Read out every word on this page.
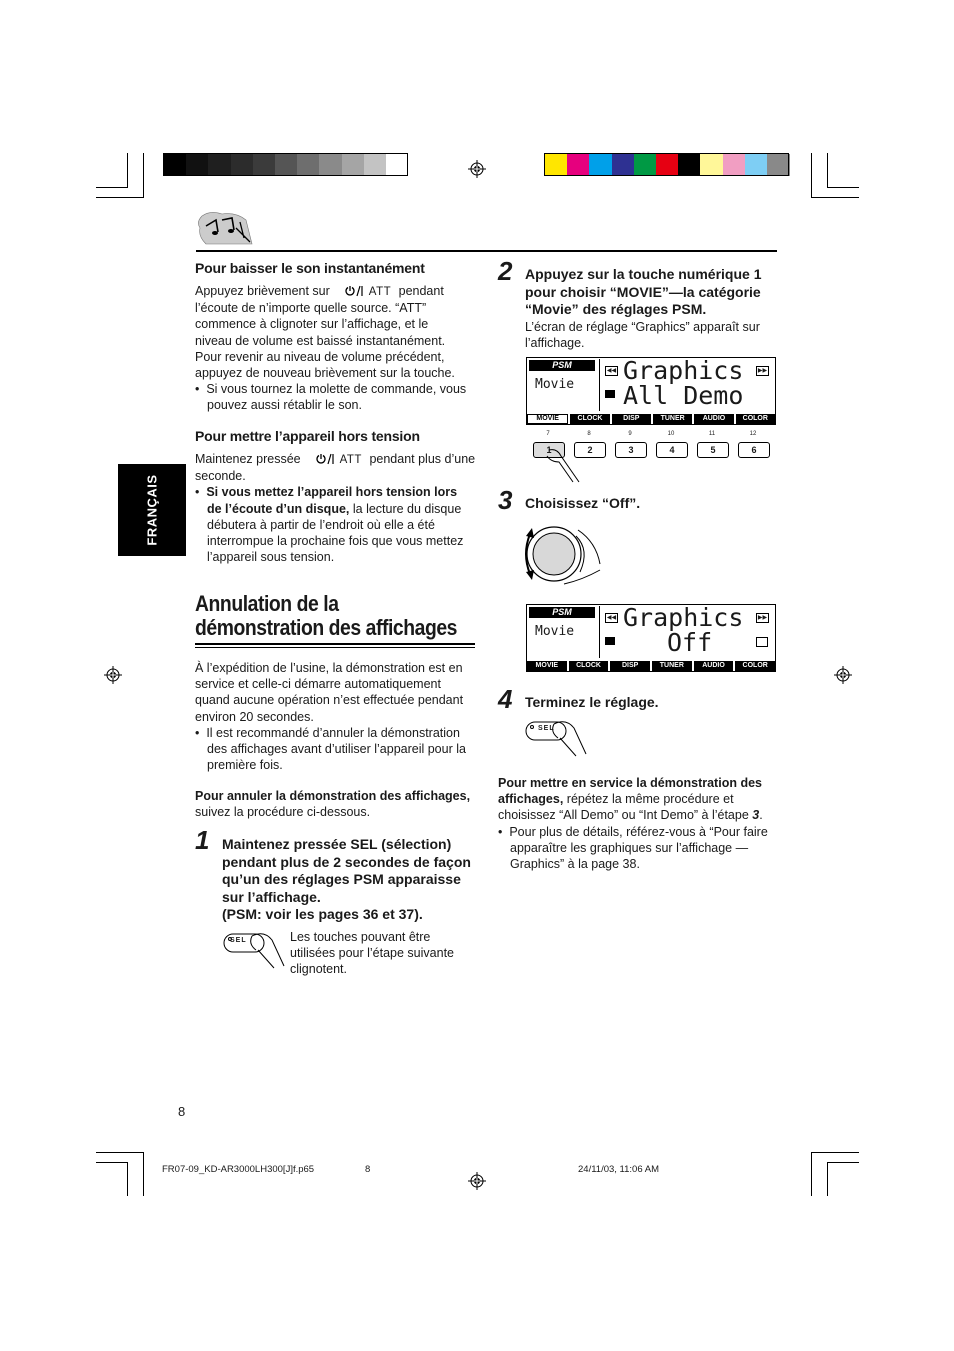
FRANÇAIS
Pour baisser le son instantanément
Appuyez brièvement sur	ATT pendant
l’écoute de n’importe quelle source. “ATT”
commence à clignoter sur l’affichage, et le
niveau de volume est baissé instantanément.
Pour revenir au niveau de volume précédent,
appuyez de nouveau brièvement sur la touche.
•  Si vous tournez la molette de commande, vous pouvez aussi rétablir le son.
Pour mettre l’appareil hors tension
Maintenez pressée	ATT pendant plus d’une
seconde.
•  Si vous mettez l’appareil hors tension lors de l’écoute d’un disque, la lecture du disque débutera à partir de l’endroit où elle a été interrompue la prochaine fois que vous mettez l’appareil sous tension.
Annulation de la
démonstration des affichages
À l’expédition de l’usine, la démonstration est en service et celle-ci démarre automatiquement quand aucune opération n’est effectuée pendant environ 20 secondes.
•  Il est recommandé d’annuler la démonstration des affichages avant d’utiliser l’appareil pour la première fois.
Pour annuler la démonstration des affichages, suivez la procédure ci-dessous.
1 Maintenez pressée SEL (sélection) pendant plus de 2 secondes de façon qu’un des réglages PSM apparaisse sur l’affichage.
(PSM: voir les pages 36 et 37).
SEL	Les touches pouvant être utilisées pour l’étape suivante clignotent.
2 Appuyez sur la touche numérique 1 pour choisir “MOVIE”—la catégorie “Movie” des réglages PSM.
L’écran de réglage “Graphics” apparaît sur l’affichage.
PSM
Movie
◀◀ Graphics	▶▶
All Demo
MOVIE	CLOCK	DISP	TUNER	AUDIO	COLOR
7	8	9	10	11	12
1	2	3	4	5	6
3 Choisissez “Off”.
PSM
Movie
◀◀ Graphics	▶▶
Off
MOVIE	CLOCK	DISP	TUNER	AUDIO	COLOR
4 Terminez le réglage.
SEL
Pour mettre en service la démonstration des affichages, répétez la même procédure et choisissez “All Demo” ou “Int Demo” à l’étape 3.
•  Pour plus de détails, référez-vous à “Pour faire apparaître les graphiques sur l’affichage —Graphics” à la page 38.
8
FR07-09_KD-AR3000LH300[J]f.p65	8	24/11/03, 11:06 AM
